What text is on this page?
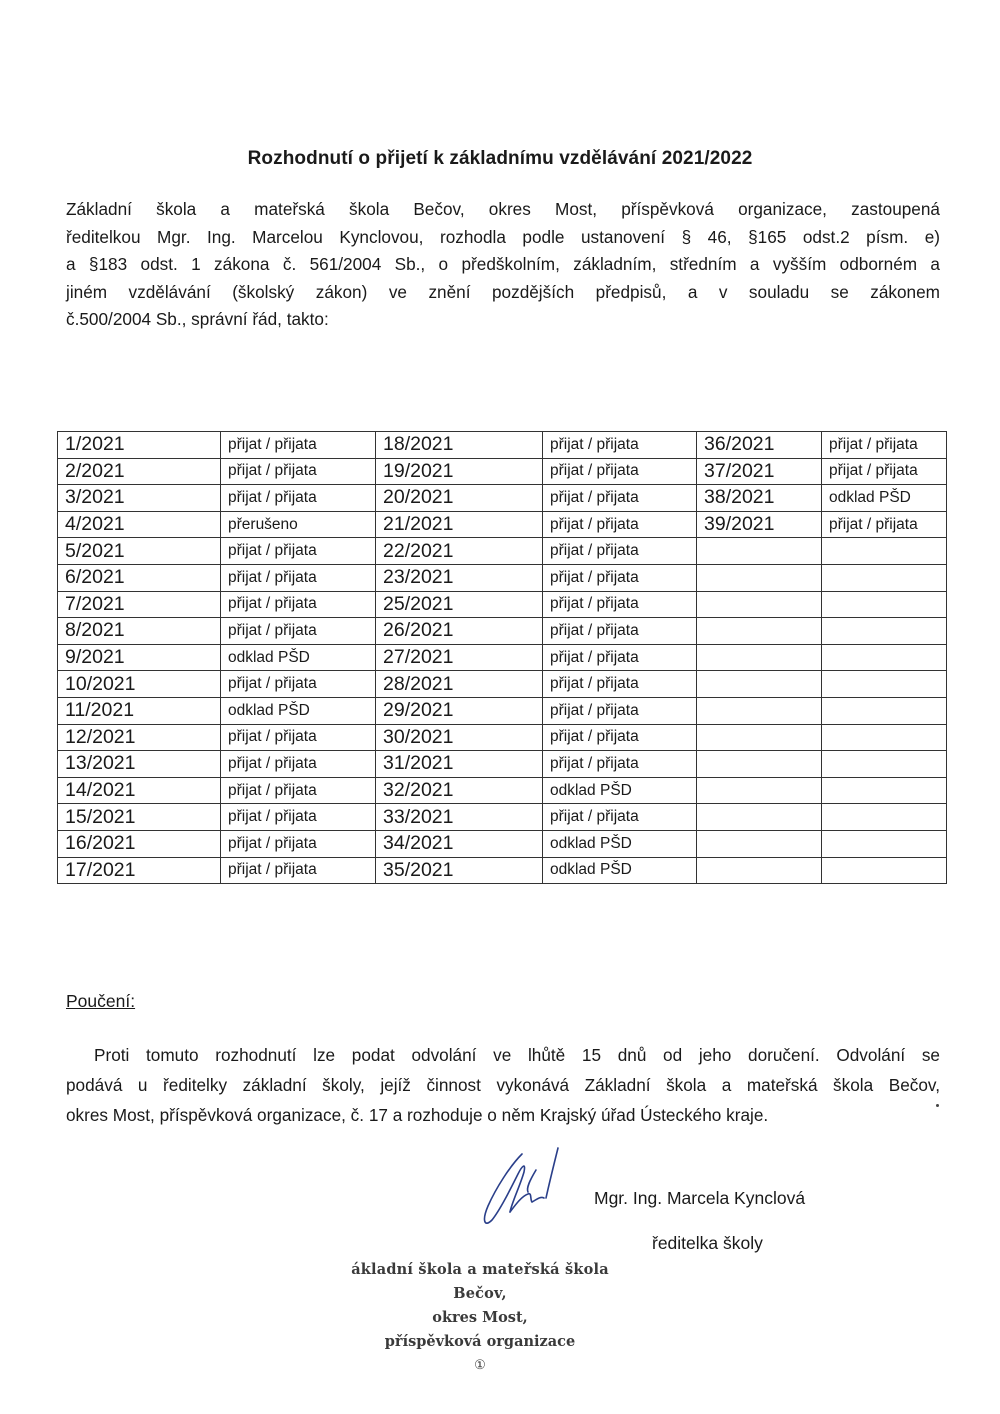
Rozhodnutí o přijetí k základnímu vzdělávání 2021/2022
Základní škola a mateřská škola Bečov, okres Most, příspěvková organizace, zastoupená
ředitelkou Mgr. Ing. Marcelou Kynclovou, rozhodla podle ustanovení § 46, §165 odst.2 písm. e)
a §183 odst. 1 zákona č. 561/2004 Sb., o předškolním, základním, středním a vyšším odborném a
jiném vzdělávání (školský zákon) ve znění pozdějších předpisů, a v souladu se zákonem
č.500/2004 Sb., správní řád, takto:
1/2021	přijat / přijata	18/2021	přijat / přijata	36/2021	přijat / přijata
2/2021	přijat / přijata	19/2021	přijat / přijata	37/2021	přijat / přijata
3/2021	přijat / přijata	20/2021	přijat / přijata	38/2021	odklad PŠD
4/2021	přerušeno	21/2021	přijat / přijata	39/2021	přijat / přijata
5/2021	přijat / přijata	22/2021	přijat / přijata		
6/2021	přijat / přijata	23/2021	přijat / přijata		
7/2021	přijat / přijata	25/2021	přijat / přijata		
8/2021	přijat / přijata	26/2021	přijat / přijata		
9/2021	odklad PŠD	27/2021	přijat / přijata		
10/2021	přijat / přijata	28/2021	přijat / přijata		
11/2021	odklad PŠD	29/2021	přijat / přijata		
12/2021	přijat / přijata	30/2021	přijat / přijata		
13/2021	přijat / přijata	31/2021	přijat / přijata		
14/2021	přijat / přijata	32/2021	odklad PŠD		
15/2021	přijat / přijata	33/2021	přijat / přijata		
16/2021	přijat / přijata	34/2021	odklad PŠD		
17/2021	přijat / přijata	35/2021	odklad PŠD		
Poučení:
Proti tomuto rozhodnutí lze podat odvolání ve lhůtě 15 dnů od jeho doručení. Odvolání se
podává u ředitelky základní školy, jejíž činnost vykonává Základní škola a mateřská škola Bečov,
okres Most, příspěvková organizace, č. 17 a rozhoduje o něm Krajský úřad Ústeckého kraje.
Mgr. Ing. Marcela Kynclová
ředitelka školy
ákladní škola a mateřská škola Bečov,
okres Most,
příspěvková organizace
①
